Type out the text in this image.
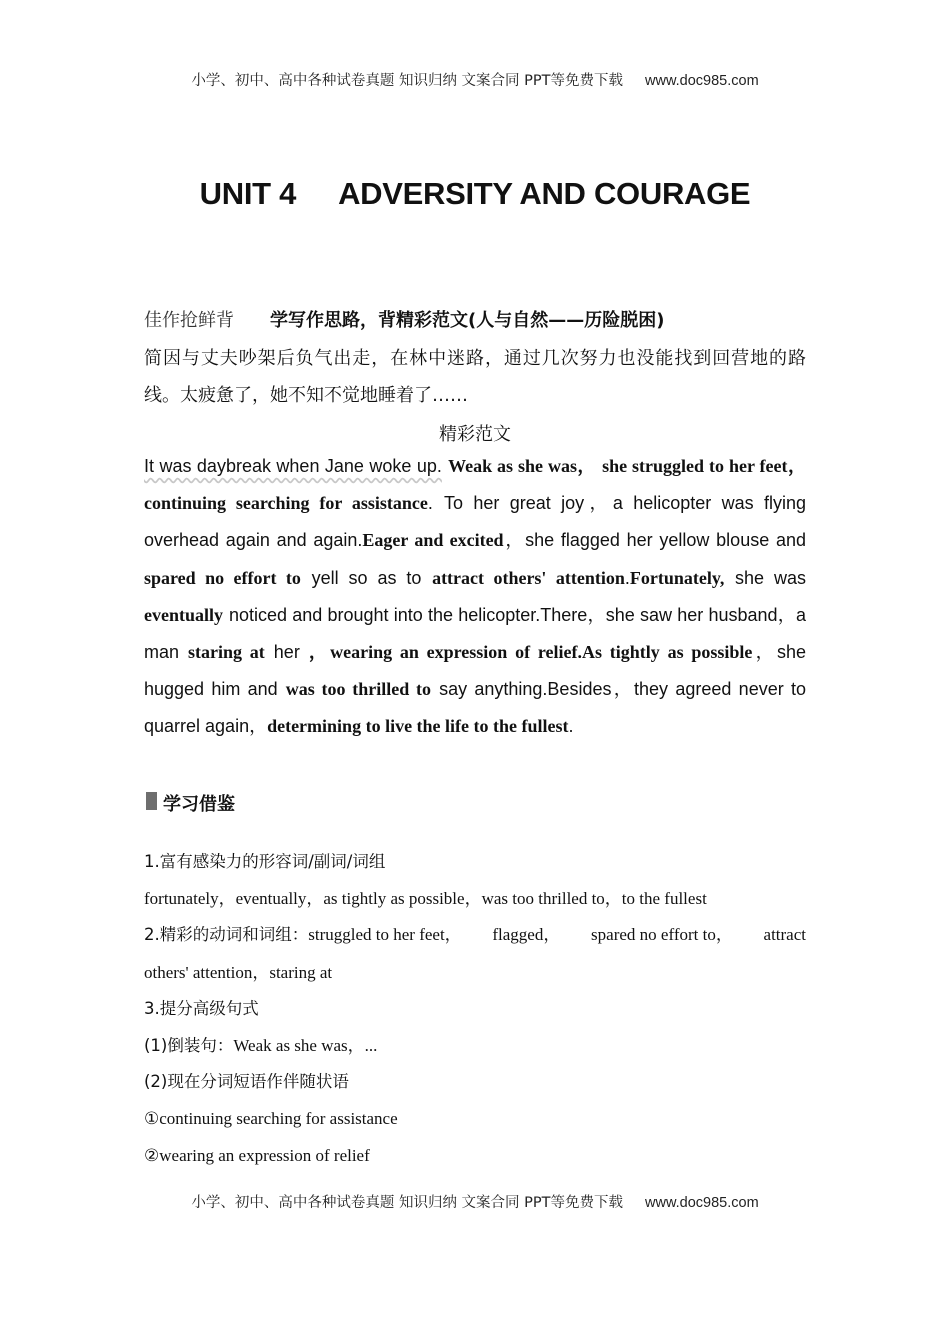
小学、初中、高中各种试卷真题 知识归纳 文案合同 PPT等免费下载 www.doc985.com
UNIT 4 ADVERSITY AND COURAGE
佳作抢鲜背 学写作思路，背精彩范文(人与自然——历险脱困)
简因与丈夫吵架后负气出走，在林中迷路，通过几次努力也没能找到回营地的路线。太疲惫了，她不知不觉地睡着了……
精彩范文
It was daybreak when Jane woke up. Weak as she was， she struggled to her feet， continuing searching for assistance. To her great joy，a helicopter was flying overhead again and again.Eager and excited，she flagged her yellow blouse and spared no effort to yell so as to attract others' attention.Fortunately, she was eventually noticed and brought into the helicopter.There，she saw her husband，a man staring at her ，wearing an expression of relief.As tightly as possible，she hugged him and was too thrilled to say anything.Besides，they agreed never to quarrel again，determining to live the life to the fullest.
学习借鉴
1.富有感染力的形容词/副词/词组
fortunately，eventually，as tightly as possible，was too thrilled to，to the fullest
2.精彩的动词和词组：struggled to her feet， flagged， spared no effort to， attract
others' attention，staring at
3.提分高级句式
(1)倒装句：Weak as she was，...
(2)现在分词短语作伴随状语
①continuing searching for assistance
②wearing an expression of relief
小学、初中、高中各种试卷真题 知识归纳 文案合同 PPT等免费下载 www.doc985.com
